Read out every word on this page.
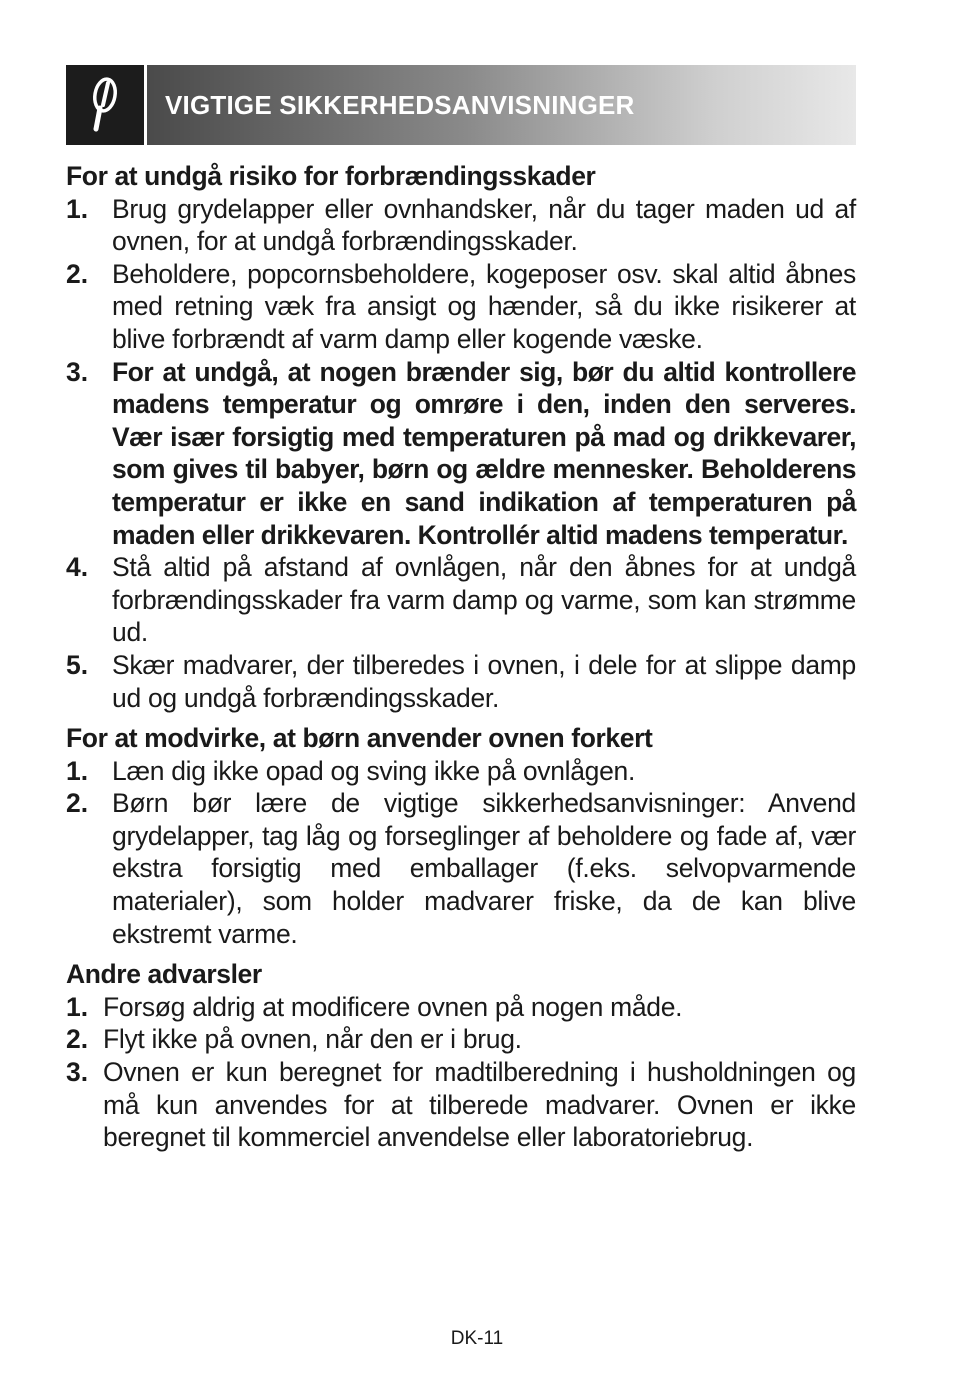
VIGTIGE SIKKERHEDSANVISNINGER
For at undgå risiko for forbrændingsskader
1. Brug grydelapper eller ovnhandsker, når du tager maden ud af ovnen, for at undgå forbrændingsskader.
2. Beholdere, popcornsbeholdere, kogeposer osv. skal altid åbnes med retning væk fra ansigt og hænder, så du ikke risikerer at blive forbrændt af varm damp eller kogende væske.
3. For at undgå, at nogen brænder sig, bør du altid kontrollere madens temperatur og omrøre i den, inden den serveres. Vær især forsigtig med temperaturen på mad og drikkevarer, som gives til babyer, børn og ældre mennesker. Beholderens temperatur er ikke en sand indikation af temperaturen på maden eller drikkevaren. Kontrollér altid madens temperatur.
4. Stå altid på afstand af ovnlågen, når den åbnes for at undgå forbrændingsskader fra varm damp og varme, som kan strømme ud.
5. Skær madvarer, der tilberedes i ovnen, i dele for at slippe damp ud og undgå forbrændingsskader.
For at modvirke, at børn anvender ovnen forkert
1. Læn dig ikke opad og sving ikke på ovnlågen.
2. Børn bør lære de vigtige sikkerhedsanvisninger: Anvend grydelapper, tag låg og forseglinger af beholdere og fade af, vær ekstra forsigtig med emballager (f.eks. selvopvarmende materialer), som holder madvarer friske, da de kan blive ekstremt varme.
Andre advarsler
1. Forsøg aldrig at modificere ovnen på nogen måde.
2. Flyt ikke på ovnen, når den er i brug.
3. Ovnen er kun beregnet for madtilberedning i husholdningen og må kun anvendes for at tilberede madvarer. Ovnen er ikke beregnet til kommerciel anvendelse eller laboratoriebrug.
DK-11
